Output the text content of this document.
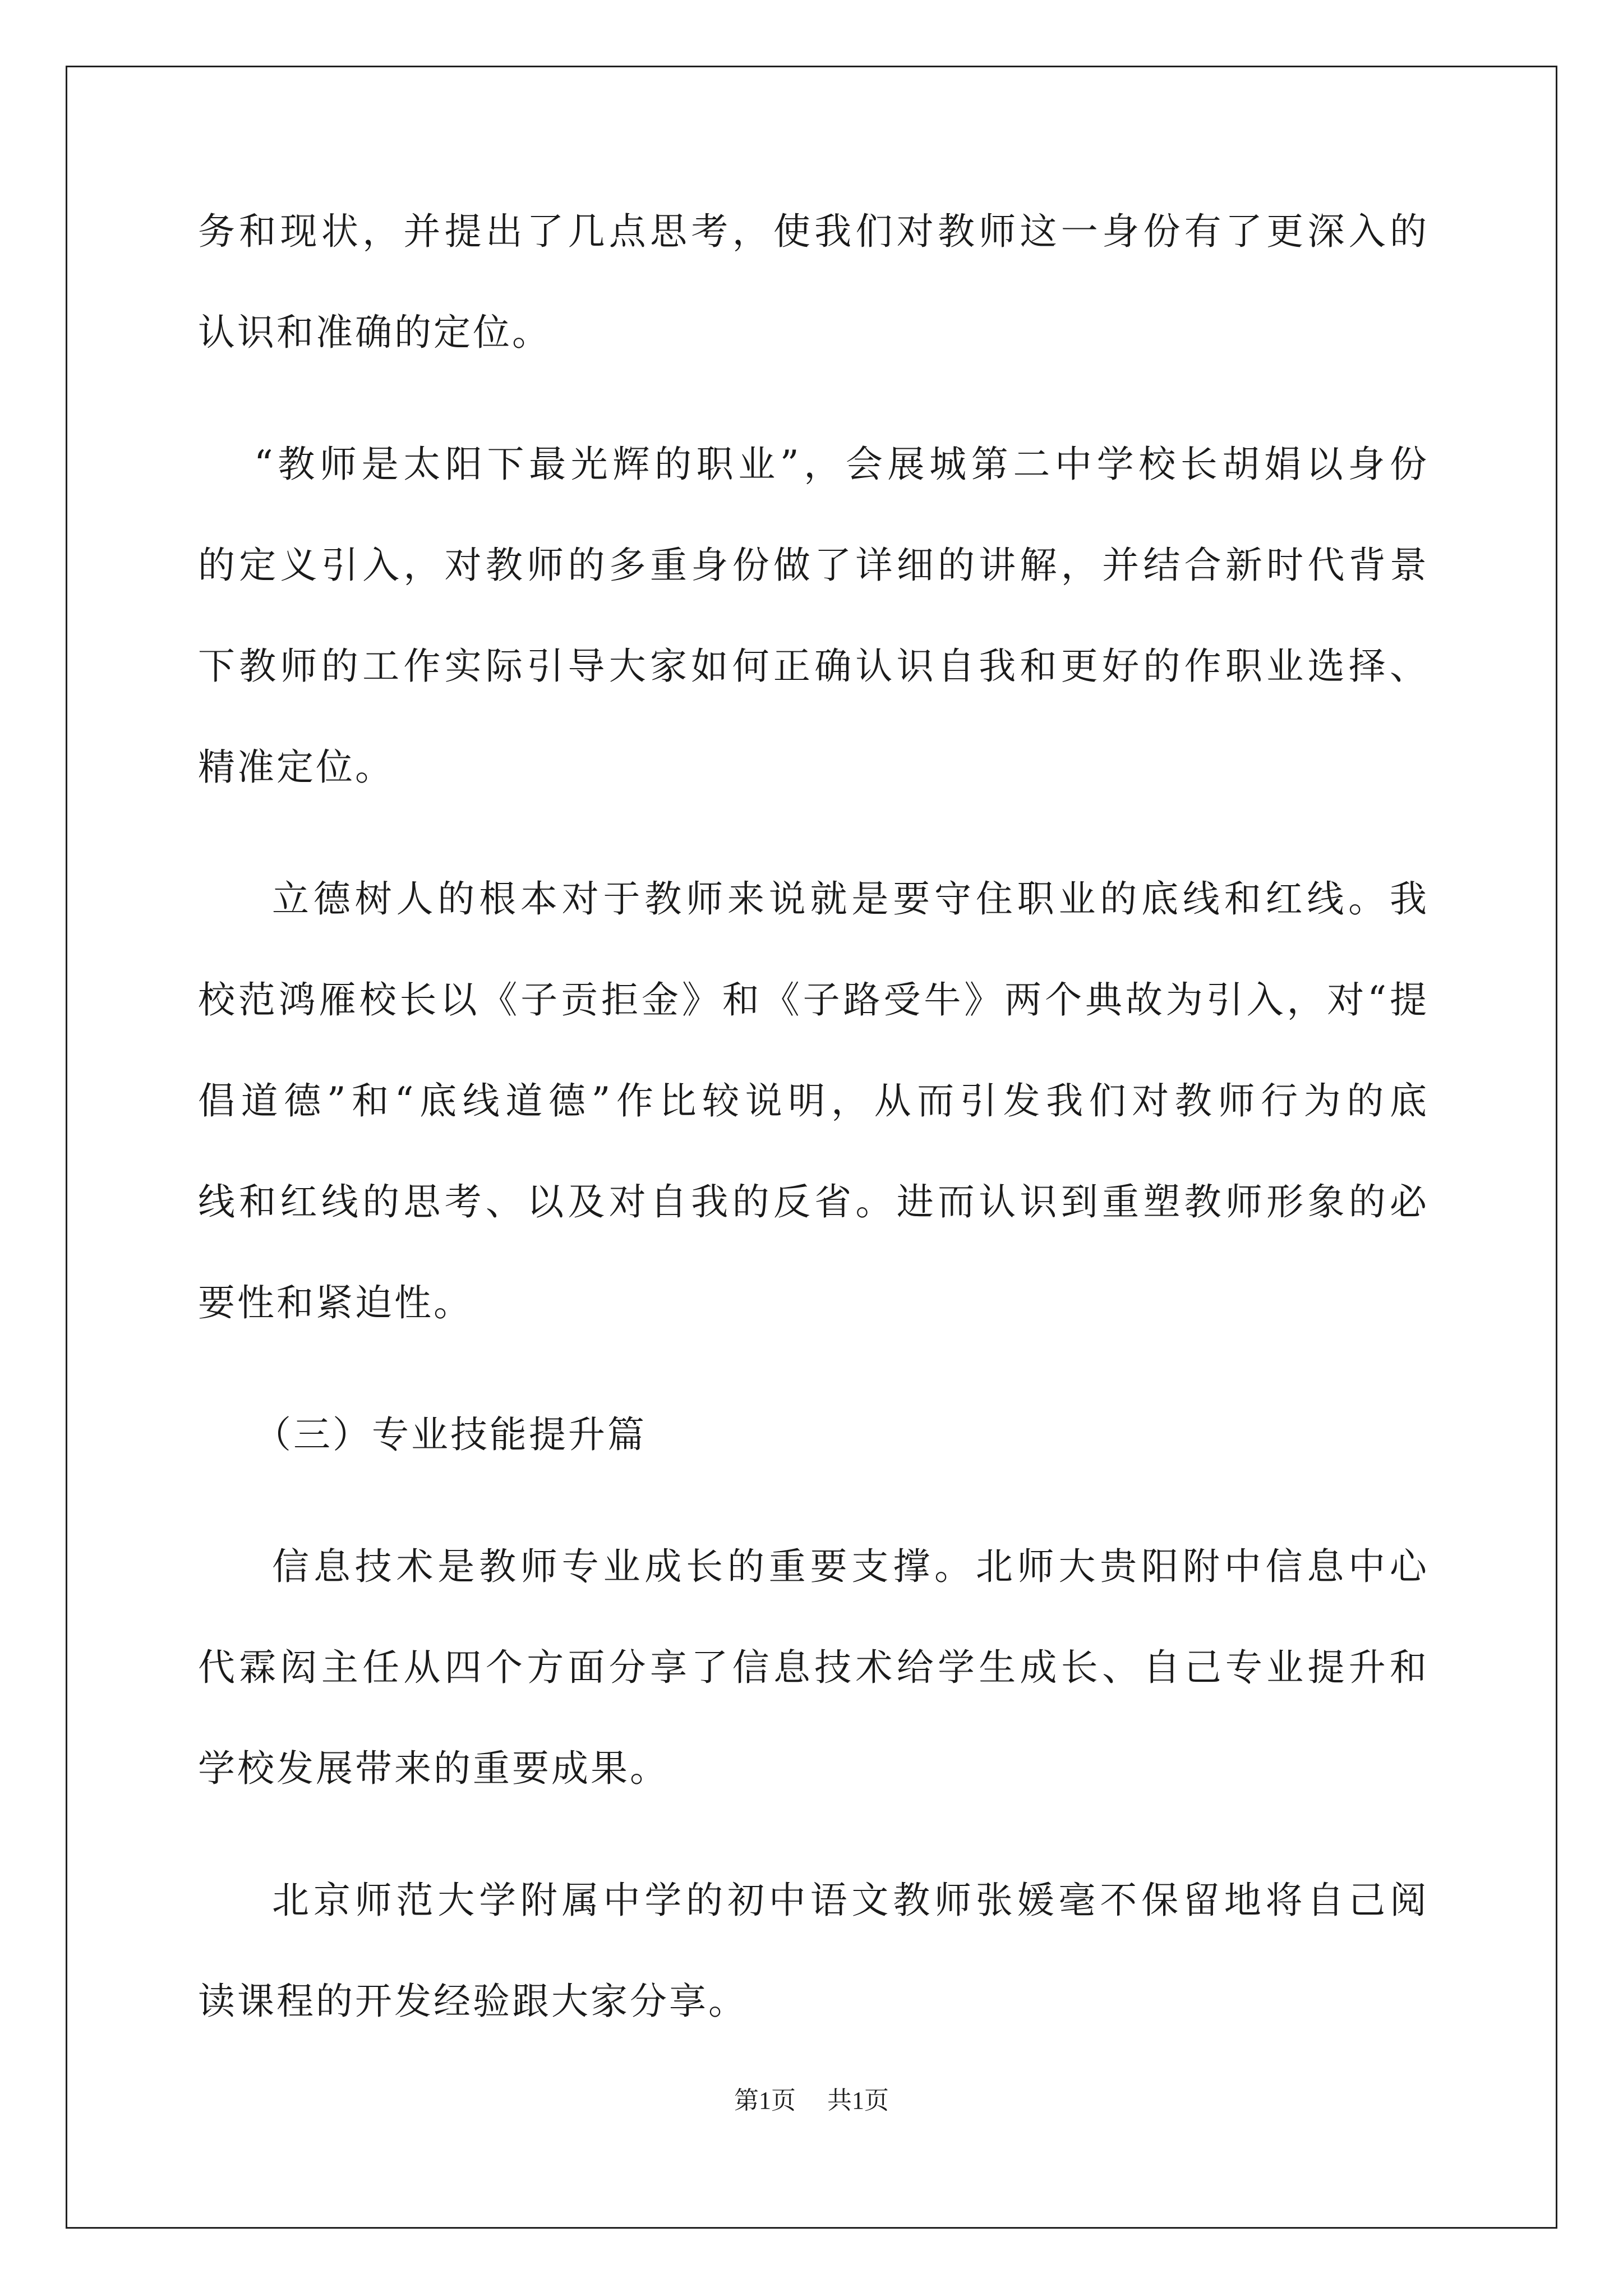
务和现状，并提出了几点思考，使我们对教师这一身份有了更深入的
认识和准确的定位。
“教师是太阳下最光辉的职业”，会展城第二中学校长胡娟以身份
的定义引入，对教师的多重身份做了详细的讲解，并结合新时代背景
下教师的工作实际引导大家如何正确认识自我和更好的作职业选择、
精准定位。
立德树人的根本对于教师来说就是要守住职业的底线和红线。我
校范鸿雁校长以《子贡拒金》和《子路受牛》两个典故为引入，对“提
倡道德”和“底线道德”作比较说明，从而引发我们对教师行为的底
线和红线的思考、以及对自我的反省。进而认识到重塑教师形象的必
要性和紧迫性。
（三）专业技能提升篇
信息技术是教师专业成长的重要支撑。北师大贵阳附中信息中心
代霖闳主任从四个方面分享了信息技术给学生成长、自己专业提升和
学校发展带来的重要成果。
北京师范大学附属中学的初中语文教师张媛毫不保留地将自己阅
读课程的开发经验跟大家分享。
第1页 共1页
